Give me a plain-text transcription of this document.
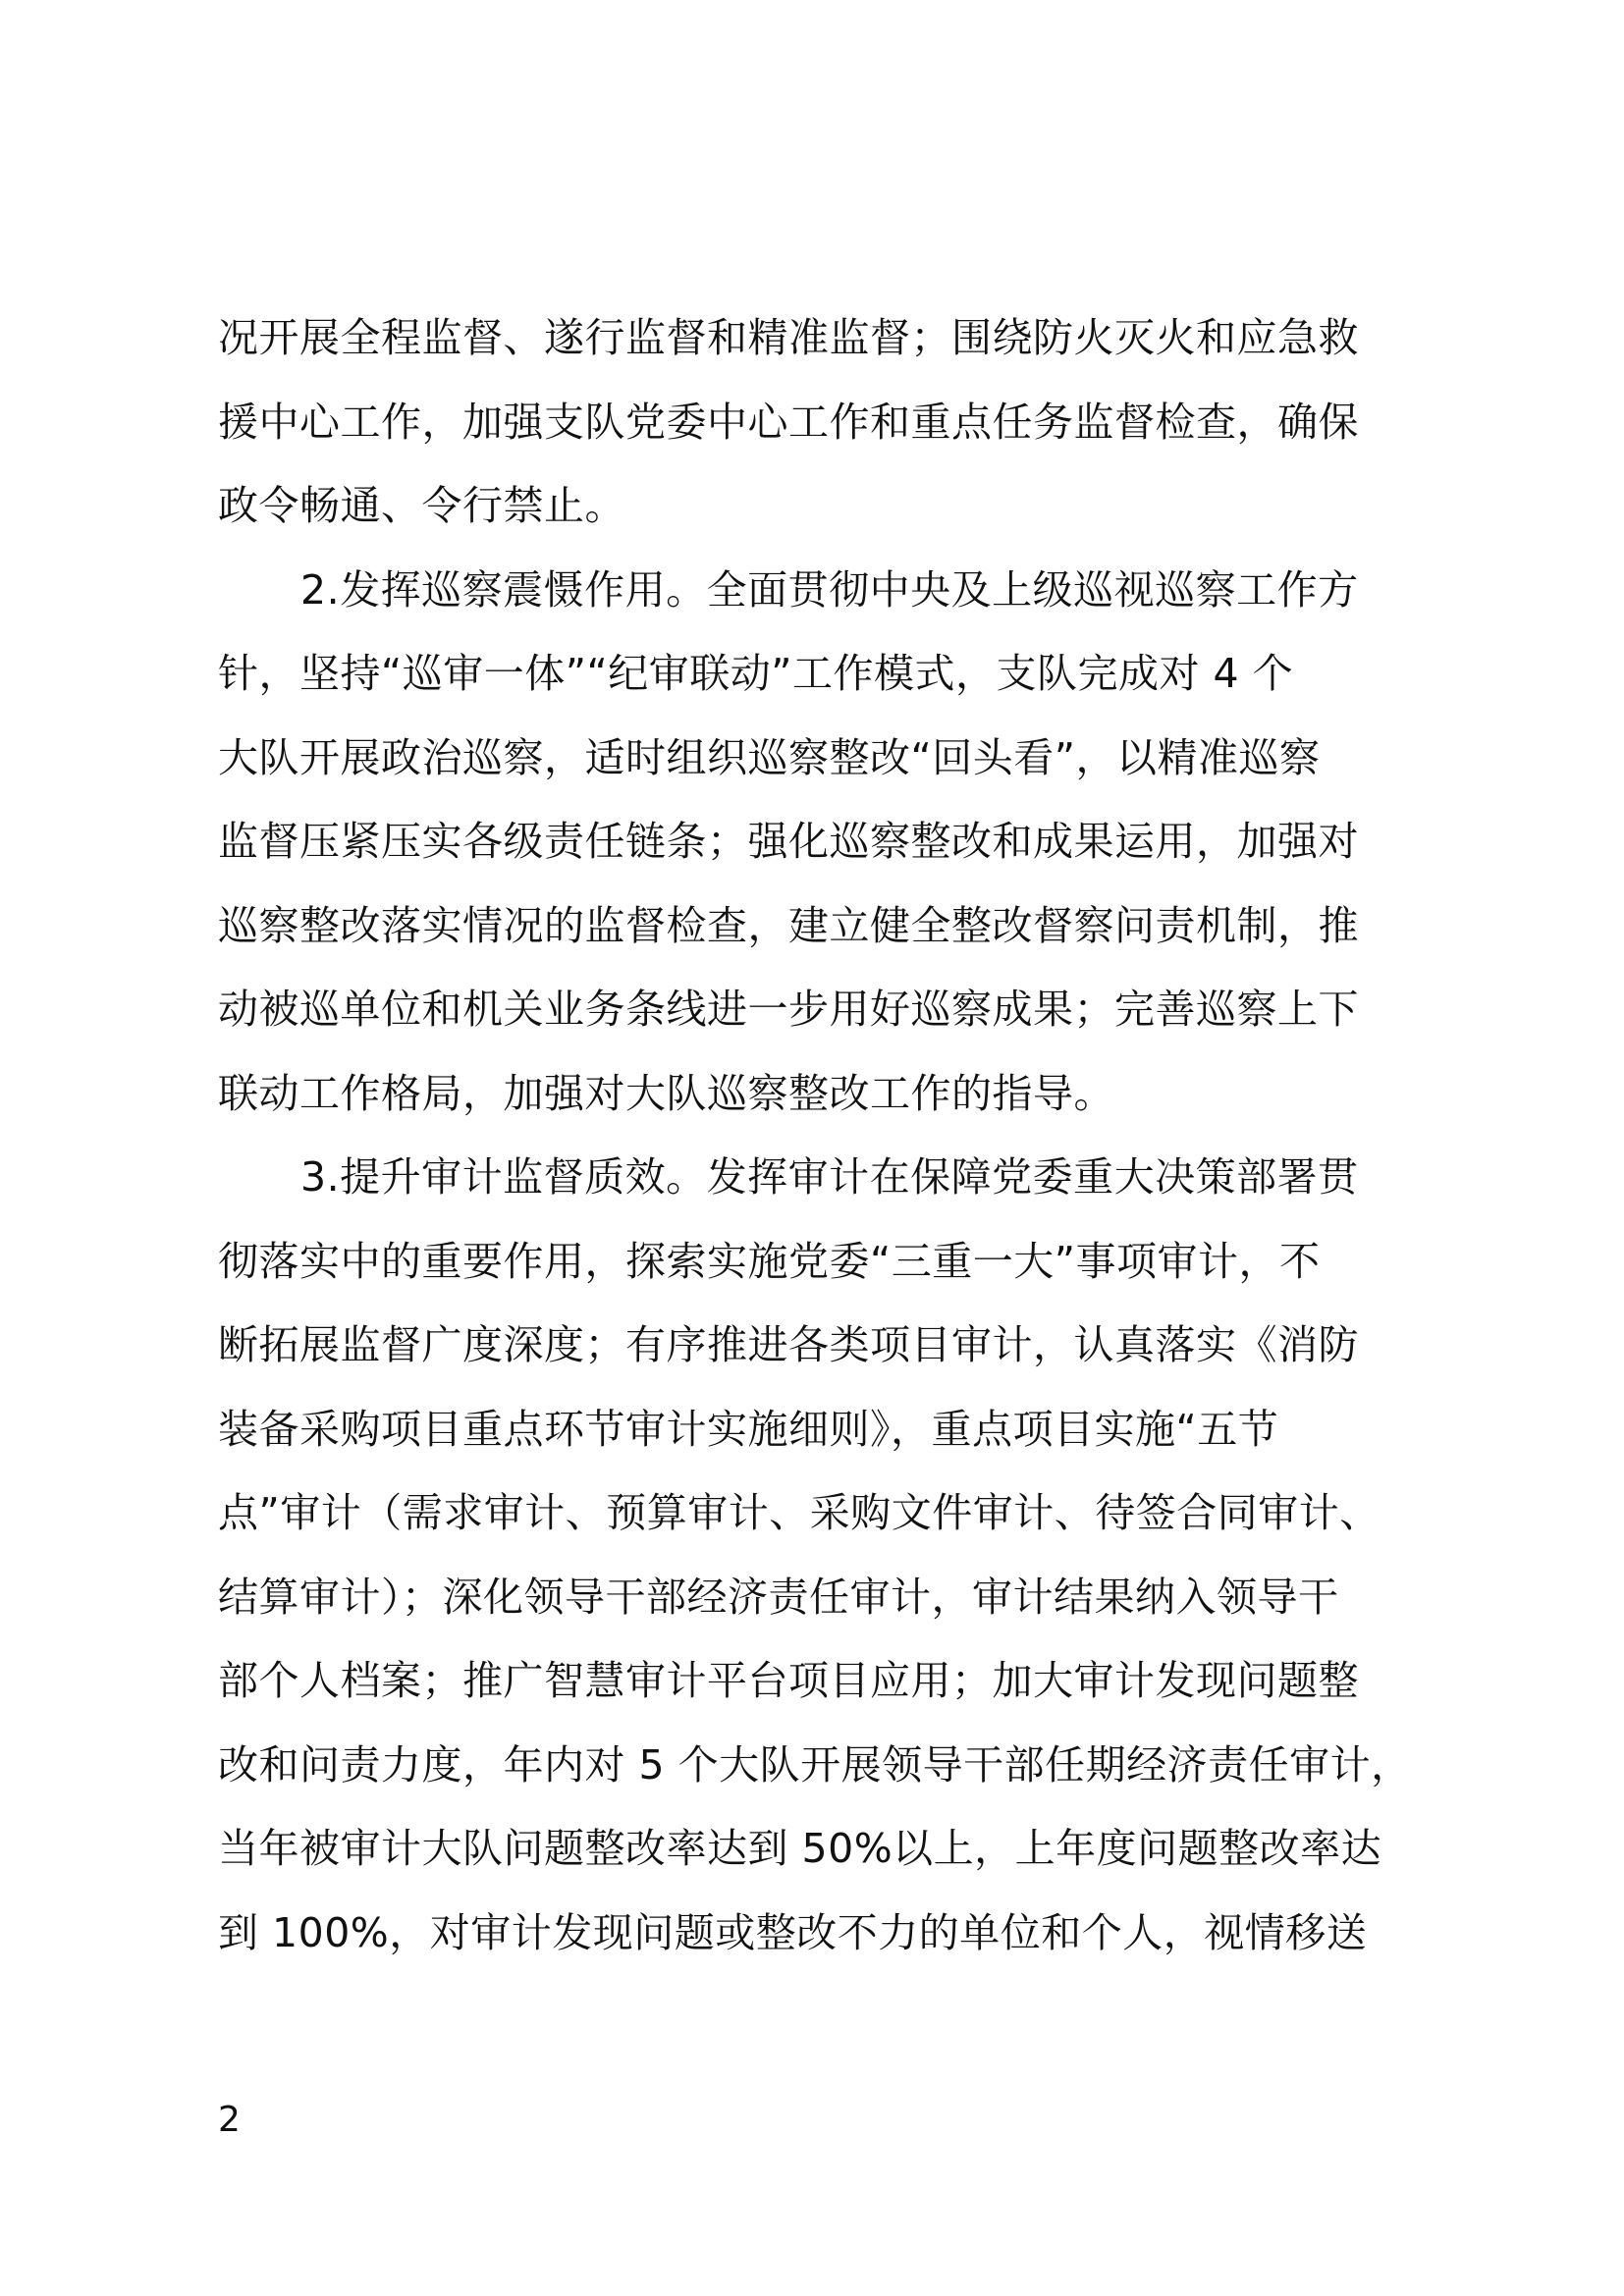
况开展全程监督、遂行监督和精准监督；围绕防火灭火和应急救
援中心工作，加强支队党委中心工作和重点任务监督检查，确保
政令畅通、令行禁止。
2.发挥巡察震慑作用。全面贯彻中央及上级巡视巡察工作方
针，坚持“巡审一体”“纪审联动”工作模式，支队完成对 4 个
大队开展政治巡察，适时组织巡察整改“回头看”，以精准巡察
监督压紧压实各级责任链条；强化巡察整改和成果运用，加强对
巡察整改落实情况的监督检查，建立健全整改督察问责机制，推
动被巡单位和机关业务条线进一步用好巡察成果；完善巡察上下
联动工作格局，加强对大队巡察整改工作的指导。
3.提升审计监督质效。发挥审计在保障党委重大决策部署贯
彻落实中的重要作用，探索实施党委“三重一大”事项审计，不
断拓展监督广度深度；有序推进各类项目审计，认真落实《消防
装备采购项目重点环节审计实施细则》，重点项目实施“五节
点”审计（需求审计、预算审计、采购文件审计、待签合同审计、
结算审计）；深化领导干部经济责任审计，审计结果纳入领导干
部个人档案；推广智慧审计平台项目应用；加大审计发现问题整
改和问责力度，年内对 5 个大队开展领导干部任期经济责任审计，
当年被审计大队问题整改率达到 50%以上，上年度问题整改率达
到 100%，对审计发现问题或整改不力的单位和个人，视情移送
2
